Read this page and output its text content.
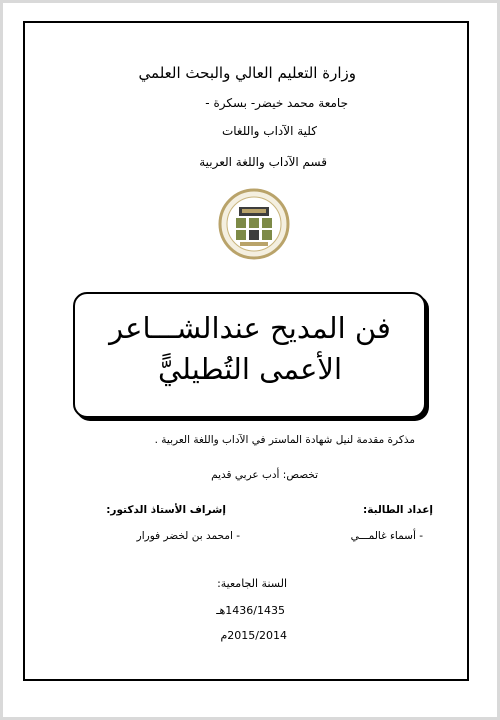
وزارة التعليم العالي والبحث العلمي
جامعة محمد خيضر- بسكرة -
كلية الآداب واللغات
قسم الآداب واللغة العربية
فن المديح عندالشـــاعر
الأعمى التُطيليًّ
مذكرة مقدمة لنيل شهادة الماستر في الآداب واللغة العربية .
تخصص: أدب عربي قديم
إعداد الطالبة:
- أسماء غالمـــي
إشراف الأستاذ الدكتور:
- امحمد بن لخضر فورار
السنة الجامعية:
1436/1435هـ
2015/2014م
